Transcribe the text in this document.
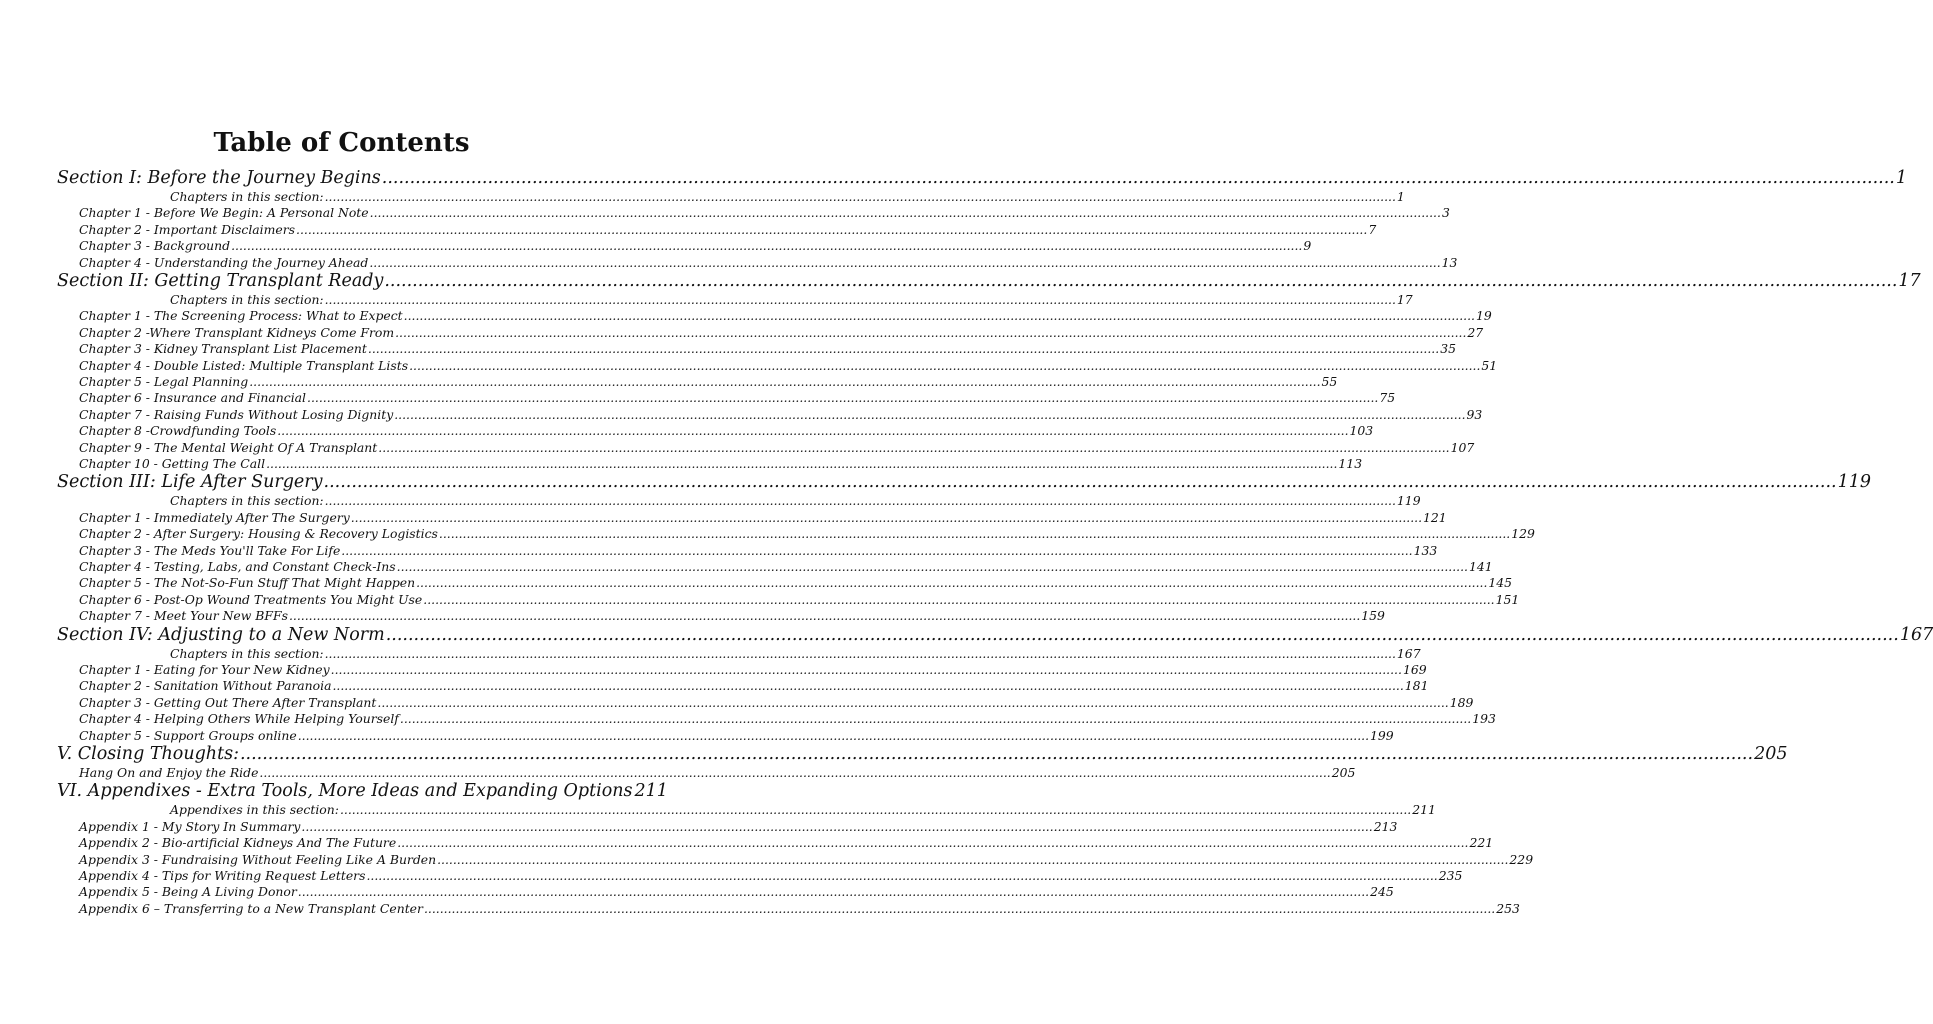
Table of Contents
Section I: Before the Journey Begins .....	1
Chapters in this section: .....	1
Chapter 1 - Before We Begin: A Personal Note .....	3
Chapter 2 - Important Disclaimers .....	7
Chapter 3 - Background .....	9
Chapter 4 - Understanding the Journey Ahead .....	13
Section II: Getting Transplant Ready .....	17
Chapters in this section: .....	17
Chapter 1 - The Screening Process: What to Expect .....	19
Chapter 2 -Where Transplant Kidneys Come From .....	27
Chapter 3 - Kidney Transplant List Placement .....	35
Chapter 4 - Double Listed: Multiple Transplant Lists .....	51
Chapter 5 - Legal Planning .....	55
Chapter 6 - Insurance and Financial .....	75
Chapter 7 - Raising Funds Without Losing Dignity .....	93
Chapter 8 -Crowdfunding Tools .....	103
Chapter 9 - The Mental Weight Of A Transplant .....	107
Chapter 10 - Getting The Call .....	113
Section III: Life After Surgery .....	119
Chapters in this section: .....	119
Chapter 1 - Immediately After The Surgery .....	121
Chapter 2 - After Surgery: Housing & Recovery Logistics .....	129
Chapter 3 - The Meds You'll Take For Life .....	133
Chapter 4 - Testing, Labs, and Constant Check-Ins .....	141
Chapter 5 - The Not-So-Fun Stuff That Might Happen .....	145
Chapter 6 - Post-Op Wound Treatments You Might Use .....	151
Chapter 7 - Meet Your New BFFs .....	159
Section IV: Adjusting to a New Norm .....	167
Chapters in this section: .....	167
Chapter 1 - Eating for Your New Kidney .....	169
Chapter 2 - Sanitation Without Paranoia .....	181
Chapter 3 - Getting Out There After Transplant .....	189
Chapter 4 - Helping Others While Helping Yourself .....	193
Chapter 5 - Support Groups online .....	199
V. Closing Thoughts: .....	205
Hang On and Enjoy the Ride .....	205
VI. Appendixes - Extra Tools, More Ideas and Expanding Options 211
Appendixes in this section: .....	211
Appendix 1 - My Story In Summary .....	213
Appendix 2 - Bio-artificial Kidneys And The Future .....	221
Appendix 3 - Fundraising Without Feeling Like A Burden .....	229
Appendix 4 - Tips for Writing Request Letters .....	235
Appendix 5 - Being A Living Donor .....	245
Appendix 6 – Transferring to a New Transplant Center .....	253
